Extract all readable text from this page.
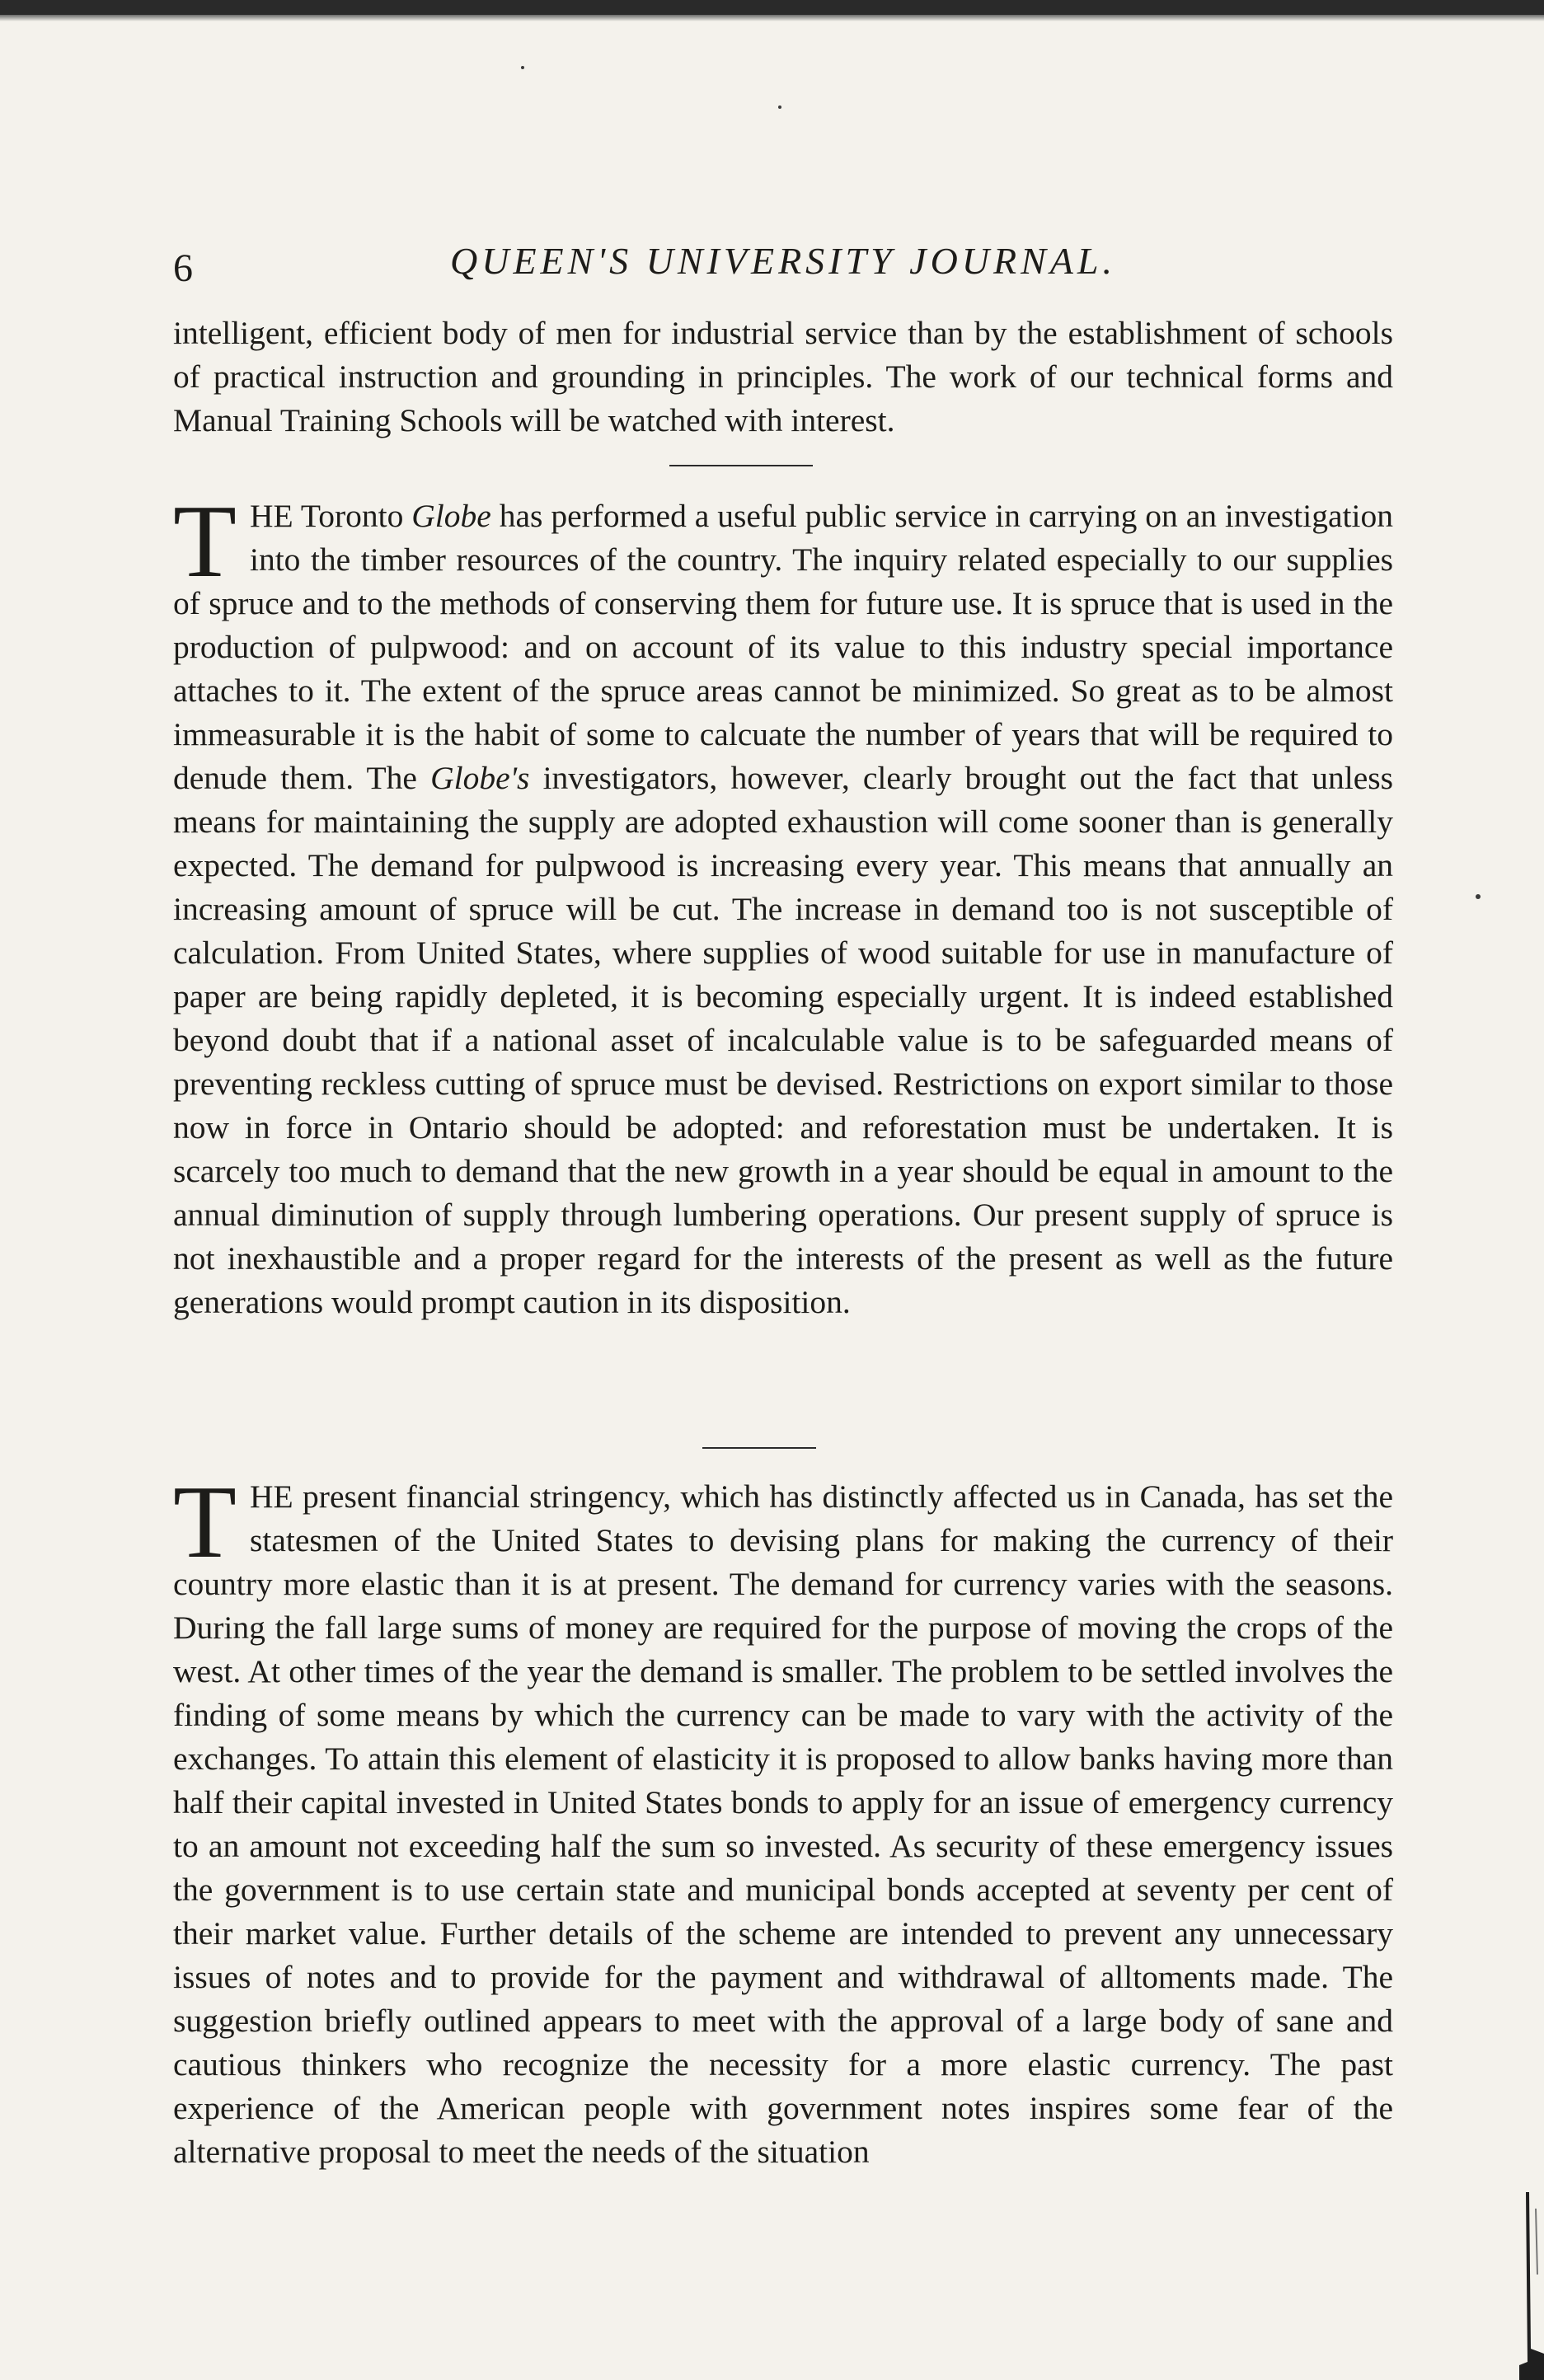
6	QUEEN'S UNIVERSITY JOURNAL.

intelligent, efficient body of men for industrial service than by the establishment of schools of practical instruction and grounding in principles. The work of our technical forms and Manual Training Schools will be watched with interest.

THE Toronto Globe has performed a useful public service in carrying on an investigation into the timber resources of the country. The inquiry related especially to our supplies of spruce and to the methods of conserving them for future use. It is spruce that is used in the production of pulpwood: and on account of its value to this industry special importance attaches to it. The extent of the spruce areas cannot be minimized. So great as to be almost immeasurable it is the habit of some to calcuate the number of years that will be required to denude them. The Globe's investigators, however, clearly brought out the fact that unless means for maintaining the supply are adopted exhaustion will come sooner than is generally expected. The demand for pulpwood is increasing every year. This means that annually an increasing amount of spruce will be cut. The increase in demand too is not susceptible of calculation. From United States, where supplies of wood suitable for use in manufacture of paper are being rapidly depleted, it is becoming especially urgent. It is indeed established beyond doubt that if a national asset of incalculable value is to be safeguarded means of preventing reckless cutting of spruce must be devised. Restrictions on export similar to those now in force in Ontario should be adopted: and reforestation must be undertaken. It is scarcely too much to demand that the new growth in a year should be equal in amount to the annual diminution of supply through lumbering operations. Our present supply of spruce is not inexhaustible and a proper regard for the interests of the present as well as the future generations would prompt caution in its disposition.

THE present financial stringency, which has distinctly affected us in Canada, has set the statesmen of the United States to devising plans for making the currency of their country more elastic than it is at present. The demand for currency varies with the seasons. During the fall large sums of money are required for the purpose of moving the crops of the west. At other times of the year the demand is smaller. The problem to be settled involves the finding of some means by which the currency can be made to vary with the activity of the exchanges. To attain this element of elasticity it is proposed to allow banks having more than half their capital invested in United States bonds to apply for an issue of emergency currency to an amount not exceeding half the sum so invested. As security of these emergency issues the government is to use certain state and municipal bonds accepted at seventy per cent of their market value. Further details of the scheme are intended to prevent any unnecessary issues of notes and to provide for the payment and withdrawal of alltoments made. The suggestion briefly outlined appears to meet with the approval of a large body of sane and cautious thinkers who recognize the necessity for a more elastic currency. The past experience of the American people with government notes inspires some fear of the alternative proposal to meet the needs of the situation
